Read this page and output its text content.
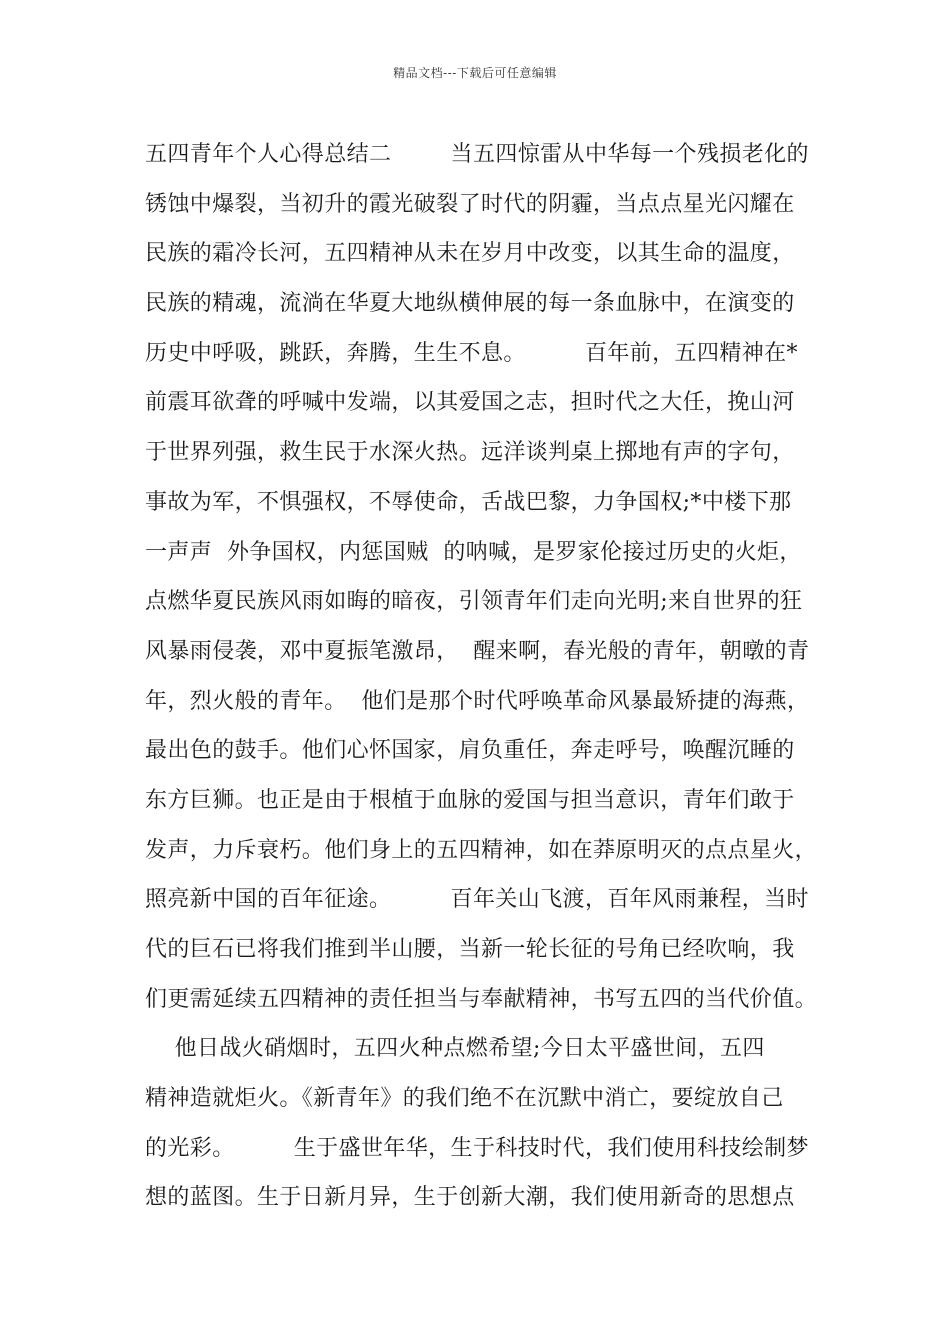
精品文档---下载后可任意编辑
五四青年个人心得总结二        当五四惊雷从中华每一个残损老化的
锈蚀中爆裂，当初升的霞光破裂了时代的阴霾，当点点星光闪耀在
民族的霜冷长河，五四精神从未在岁月中改变，以其生命的温度，
民族的精魂，流淌在华夏大地纵横伸展的每一条血脉中，在演变的
历史中呼吸，跳跃，奔腾，生生不息。        百年前，五四精神在*
前震耳欲聋的呼喊中发端，以其爱国之志，担时代之大任，挽山河
于世界列强，救生民于水深火热。远洋谈判桌上掷地有声的字句，
事故为军，不惧强权，不辱使命，舌战巴黎，力争国权;*中楼下那
一声声  外争国权，内惩国贼  的呐喊，是罗家伦接过历史的火炬，
点燃华夏民族风雨如晦的暗夜，引领青年们走向光明;来自世界的狂
风暴雨侵袭，邓中夏振笔激昂，  醒来啊，春光般的青年，朝暾的青
年，烈火般的青年。  他们是那个时代呼唤革命风暴最矫捷的海燕，
最出色的鼓手。他们心怀国家，肩负重任，奔走呼号，唤醒沉睡的
东方巨狮。也正是由于根植于血脉的爱国与担当意识，青年们敢于
发声，力斥衰朽。他们身上的五四精神，如在莽原明灭的点点星火，
照亮新中国的百年征途。        百年关山飞渡，百年风雨兼程，当时
代的巨石已将我们推到半山腰，当新一轮长征的号角已经吹响，我
们更需延续五四精神的责任担当与奉献精神，书写五四的当代价值。
他日战火硝烟时，五四火种点燃希望;今日太平盛世间，五四
精神造就炬火。《新青年》的我们绝不在沉默中消亡，要绽放自己
的光彩。        生于盛世年华，生于科技时代，我们使用科技绘制梦
想的蓝图。生于日新月异，生于创新大潮，我们使用新奇的思想点
